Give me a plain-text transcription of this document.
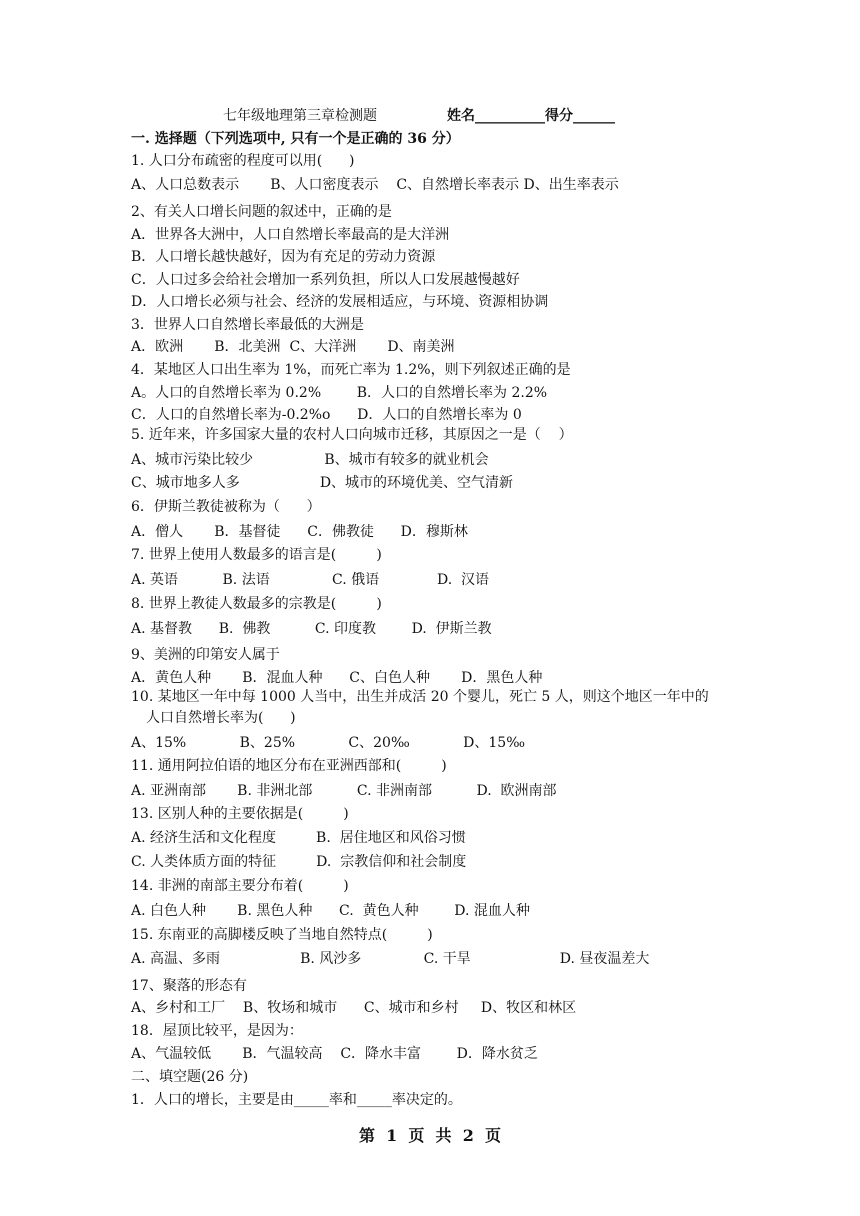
七年级地理第三章检测题	姓名__________得分______
一. 选择题（下列选项中, 只有一个是正确的 36 分）
1. 人口分布疏密的程度可以用(      )
A、人口总数表示       B、人口密度表示    C、自然增长率表示 D、出生率表示
2、有关人口增长问题的叙述中，正确的是
A．世界各大洲中，人口自然增长率最高的是大洋洲
B．人口增长越快越好，因为有充足的劳动力资源
C．人口过多会给社会增加一系列负担，所以人口发展越慢越好
D．人口增长必须与社会、经济的发展相适应，与环境、资源相协调
3．世界人口自然增长率最低的大洲是
A．欧洲       B．北美洲  C、大洋洲       D、南美洲
4．某地区人口出生率为 1%，而死亡率为 1.2%，则下列叙述正确的是
A。人口的自然增长率为 0.2%        B．人口的自然增长率为 2.2%
C．人口的自然增长率为-0.2%o      D．人口的自然增长率为 0
5. 近年来，许多国家大量的农村人口向城市迁移，其原因之一是（    ）
A、城市污染比较少                B、城市有较多的就业机会
C、城市地多人多                  D、城市的环境优美、空气清新
6．伊斯兰教徒被称为（      ）
A．僧人       B．基督徒      C．佛教徒      D．穆斯林
7. 世界上使用人数最多的语言是(         )
A. 英语          B. 法语              C. 俄语             D.  汉语
8. 世界上教徒人数最多的宗教是(         )
A. 基督教      B.  佛教          C. 印度教        D.  伊斯兰教
9、美洲的印第安人属于
A．黄色人种       B．混血人种      C、白色人种       D．黑色人种
10. 某地区一年中每 1000 人当中，出生并成活 20 个婴儿，死亡 5 人，则这个地区一年中的
人口自然增长率为(      )
A、15%            B、25%            C、20‰            D、15‰
11. 通用阿拉伯语的地区分布在亚洲西部和(         )
A. 亚洲南部       B. 非洲北部          C. 非洲南部          D.  欧洲南部
13. 区别人种的主要依据是(         )
A. 经济生活和文化程度         B.  居住地区和风俗习惯
C. 人类体质方面的特征         D.  宗教信仰和社会制度
14. 非洲的南部主要分布着(         )
A. 白色人种       B. 黑色人种      C.  黄色人种        D. 混血人种
15. 东南亚的高脚楼反映了当地自然特点(         )
A. 高温、多雨                  B. 风沙多              C. 干旱                    D. 昼夜温差大
17、聚落的形态有
A、乡村和工厂    B、牧场和城市      C、城市和乡村     D、牧区和林区
18．屋顶比较平，是因为：
A、气温较低       B．气温较高    C．降水丰富        D．降水贫乏
二、填空题(26 分)
1．人口的增长，主要是由_____率和_____率决定的。
第  1  页  共  2  页
